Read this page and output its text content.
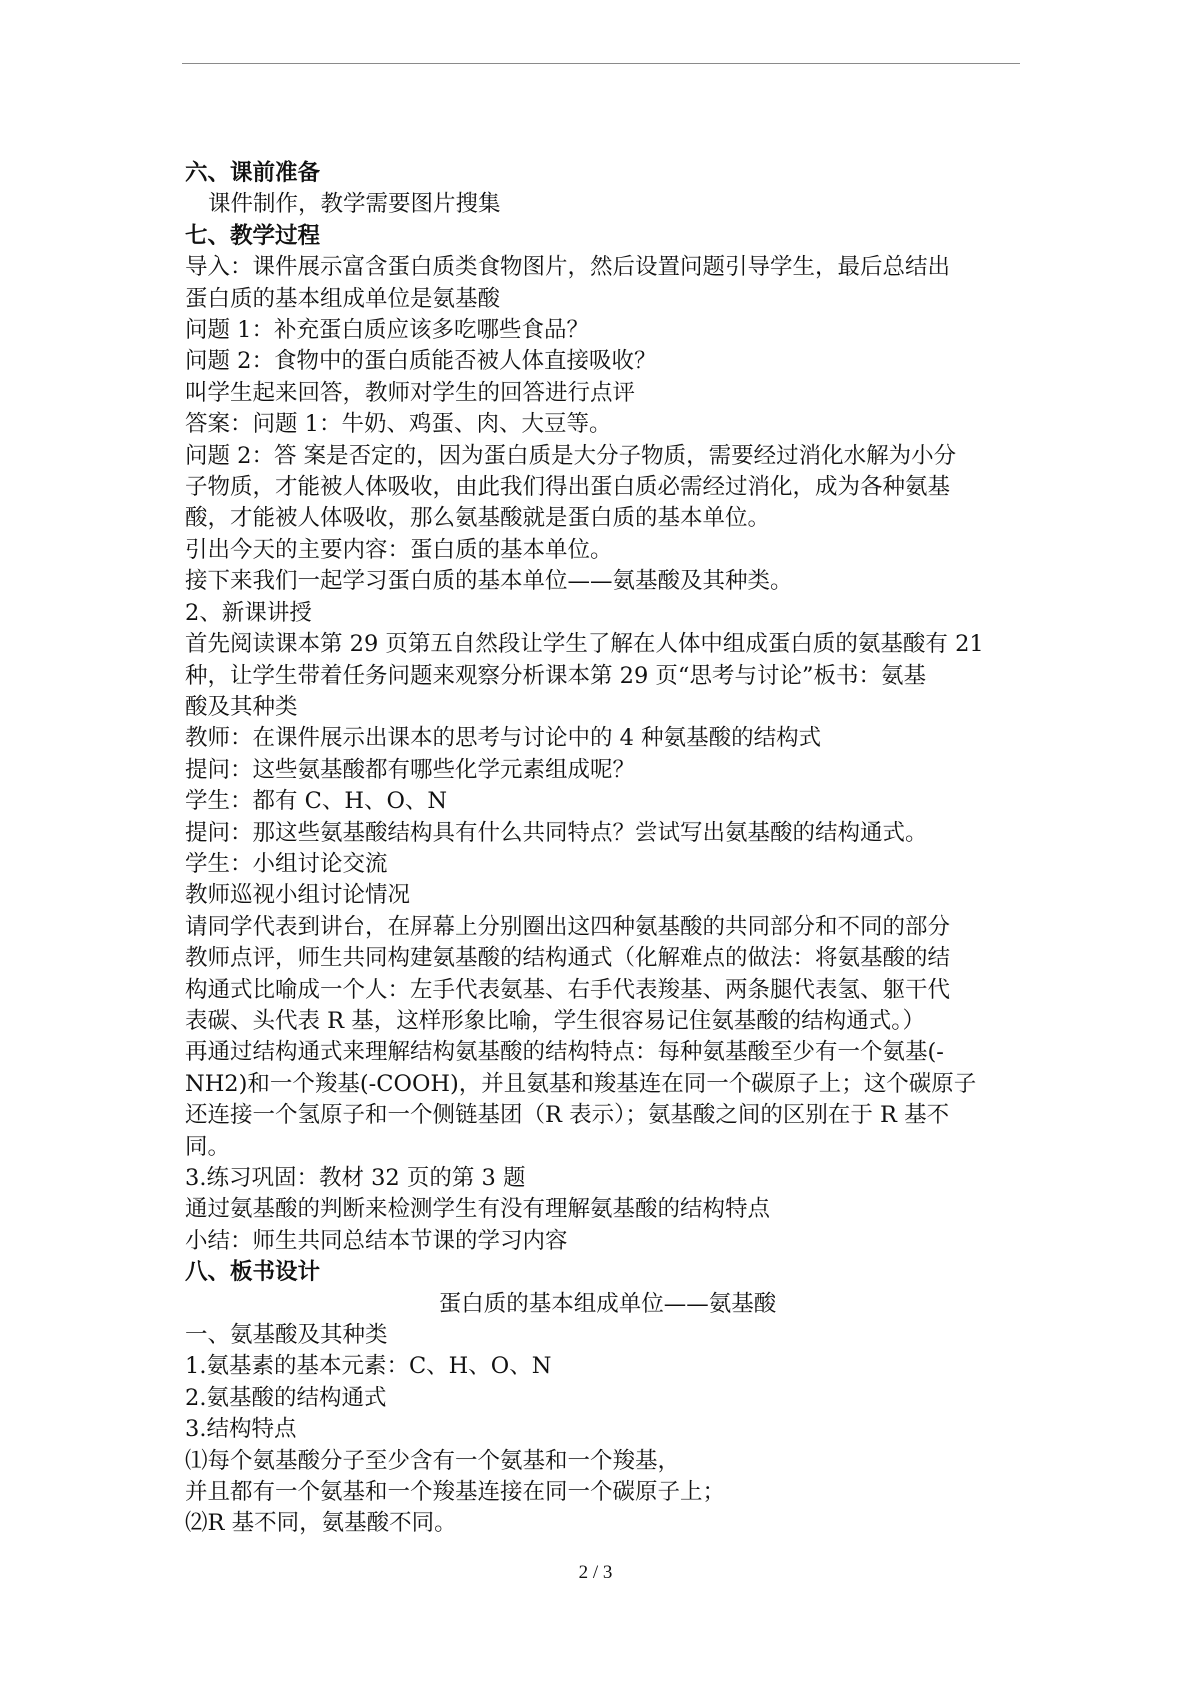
六、课前准备
课件制作，教学需要图片搜集
七、教学过程
导入：课件展示富含蛋白质类食物图片，然后设置问题引导学生，最后总结出
蛋白质的基本组成单位是氨基酸
问题 1：补充蛋白质应该多吃哪些食品？
问题 2：食物中的蛋白质能否被人体直接吸收？
叫学生起来回答，教师对学生的回答进行点评
答案：问题 1：牛奶、鸡蛋、肉、大豆等。
问题 2：答 案是否定的，因为蛋白质是大分子物质，需要经过消化水解为小分
子物质，才能被人体吸收，由此我们得出蛋白质必需经过消化，成为各种氨基
酸，才能被人体吸收，那么氨基酸就是蛋白质的基本单位。
引出今天的主要内容：蛋白质的基本单位。
接下来我们一起学习蛋白质的基本单位——氨基酸及其种类。
2、新课讲授
首先阅读课本第 29 页第五自然段让学生了解在人体中组成蛋白质的氨基酸有 21
种，让学生带着任务问题来观察分析课本第 29 页“思考与讨论”板书：氨基
酸及其种类
教师：在课件展示出课本的思考与讨论中的 4 种氨基酸的结构式
提问：这些氨基酸都有哪些化学元素组成呢？
学生：都有 C、H、O、N
提问：那这些氨基酸结构具有什么共同特点？尝试写出氨基酸的结构通式。
学生：小组讨论交流
教师巡视小组讨论情况
请同学代表到讲台，在屏幕上分别圈出这四种氨基酸的共同部分和不同的部分
教师点评，师生共同构建氨基酸的结构通式（化解难点的做法：将氨基酸的结
构通式比喻成一个人：左手代表氨基、右手代表羧基、两条腿代表氢、躯干代
表碳、头代表 R 基，这样形象比喻，学生很容易记住氨基酸的结构通式。）
再通过结构通式来理解结构氨基酸的结构特点：每种氨基酸至少有一个氨基(-
NH2)和一个羧基(-COOH)，并且氨基和羧基连在同一个碳原子上；这个碳原子
还连接一个氢原子和一个侧链基团（R 表示）；氨基酸之间的区别在于 R 基不
同。
3.练习巩固：教材 32 页的第 3 题
通过氨基酸的判断来检测学生有没有理解氨基酸的结构特点
小结：师生共同总结本节课的学习内容
八、板书设计
蛋白质的基本组成单位——氨基酸
一、氨基酸及其种类
1.氨基素的基本元素：C、H、O、N
2.氨基酸的结构通式
3.结构特点
⑴每个氨基酸分子至少含有一个氨基和一个羧基，
并且都有一个氨基和一个羧基连接在同一个碳原子上；
⑵R 基不同，氨基酸不同。
2 / 3
